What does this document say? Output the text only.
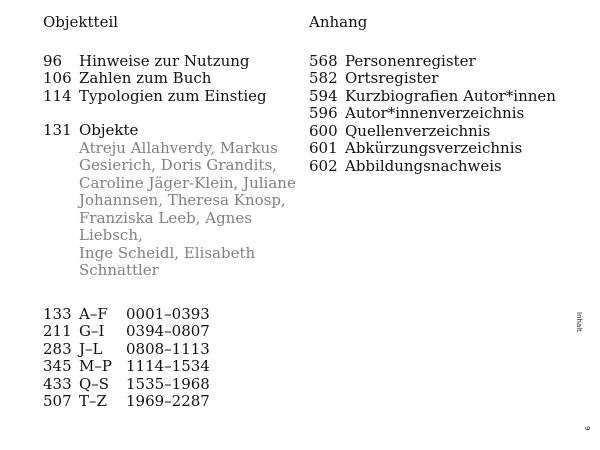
Objektteil
96	Hinweise zur Nutzung
106 Zahlen zum Buch
114 Typologien zum Einstieg
131 Objekte
Atreju Allahverdy, Markus
Gesierich, Doris Grandits,
Caroline Jäger-Klein, Juliane
Johannsen, Theresa Knosp,
Franziska Leeb, Agnes Liebsch,
Inge Scheidl, Elisabeth
Schnattler
133 A–F	0001–0393
211 G–I	0394–0807
283 J–L	0808–1113
345 M–P 1114–1534
433 Q–S	1535–1968
507 T–Z	1969–2287
Anhang
568 Personenregister
582 Ortsregister
594 Kurzbiografien Autor*innen
596 Autor*innenverzeichnis
600 Quellenverzeichnis
601 Abkürzungsverzeichnis
602 Abbildungsnachweis
Inhalt
9
